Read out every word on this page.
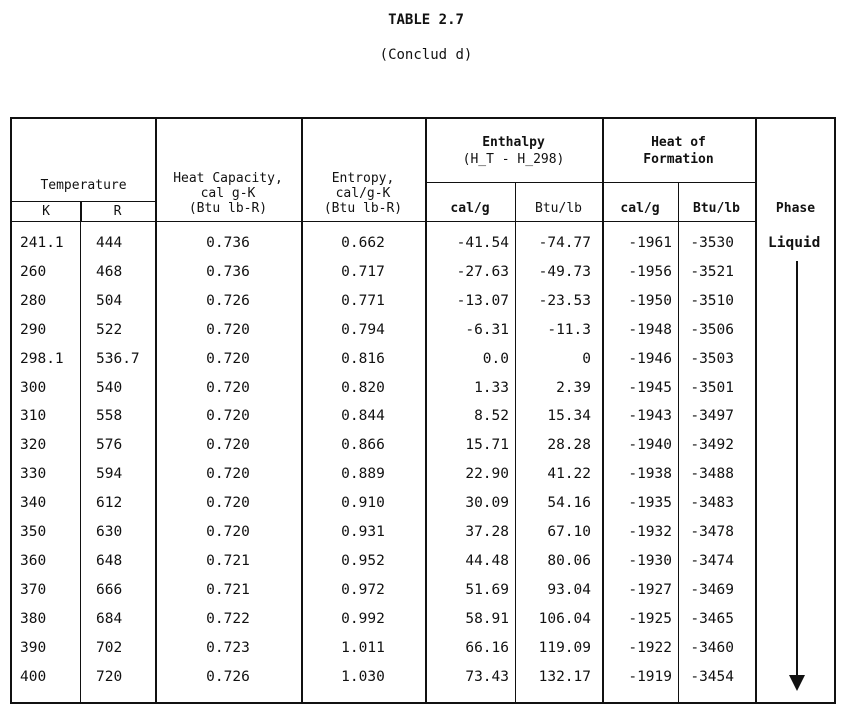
TABLE 2.7
(Conclud d)
Temperature
K	R
Heat Capacity,
cal g-K
(Btu lb-R)
Entropy,
cal/g-K
(Btu lb-R)
Enthalpy
(H_T - H_298)
cal/g	Btu/lb
Heat of
Formation
cal/g	Btu/lb	Phase
241.1	444	0.736	0.662	-41.54	-74.77	-1961	-3530
260	468	0.736	0.717	-27.63	-49.73	-1956	-3521
280	504	0.726	0.771	-13.07	-23.53	-1950	-3510
290	522	0.720	0.794	-6.31	-11.3	-1948	-3506
298.1	536.7	0.720	0.816	0.0	0	-1946	-3503
300	540	0.720	0.820	1.33	2.39	-1945	-3501
310	558	0.720	0.844	8.52	15.34	-1943	-3497
320	576	0.720	0.866	15.71	28.28	-1940	-3492
330	594	0.720	0.889	22.90	41.22	-1938	-3488
340	612	0.720	0.910	30.09	54.16	-1935	-3483
350	630	0.720	0.931	37.28	67.10	-1932	-3478
360	648	0.721	0.952	44.48	80.06	-1930	-3474
370	666	0.721	0.972	51.69	93.04	-1927	-3469
380	684	0.722	0.992	58.91	106.04	-1925	-3465
390	702	0.723	1.011	66.16	119.09	-1922	-3460
400	720	0.726	1.030	73.43	132.17	-1919	-3454
Liquid
